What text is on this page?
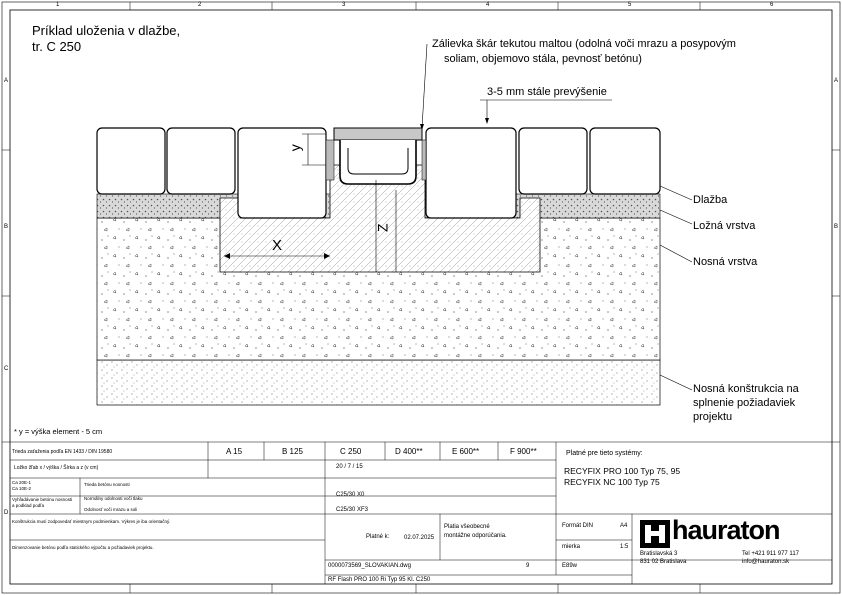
1	2	3	4	5	6
A
B
C
D
A
B
Príklad uloženia v dlažbe,
tr. C 250	Zálievka škár tekutou maltou (odolná voči mrazu a posypovým
soliam, objemovo stála, pevnosť betónu)
3-5 mm stále prevýšenie
Dlažba
Ložná vrstva
Nosná vrstva
Nosná konštrukcia na
splnenie požiadaviek
projektu
y
X
Z
* y = výška element - 5 cm
Trieda zaťaženia podľa EN 1433 / DIN 19580	A 15	B 125	C 250	D 400**	E 600**	F 900**
Ložko žľab x / výška / Šírka a z (v cm)	20 / 7 / 15
Ca 20E-1
Ca 10E-2
Trieda betónu nosnosti
Vyhľadávanie betónu nosnosti
a podklad podľa
Normálny odolnosti voči tlaku
C25/30 X0
Odolnosť voči mrazu a soli	C25/30 XF3
Platné pre tieto systémy:
RECYFIX PRO 100 Typ 75, 95
RECYFIX NC 100 Typ 75
Konštrukcia musí zodpovedať miestnym podmienkam. Výkres je iba orientačný.
Dimenzovanie betónu podľa statického výpočtu a požiadaviek projektu.
Platné k: 02.07.2025
Platia všeobecné
montážne odporúčania.
Formát DIN	A4
mierka	1:5
0000073569_SLOVAKIAN.dwg	9	E89w
RF Flash PRO 100 Ri Typ 95 Kl. C250
hauraton
Bratislavská 3
831 02 Bratislava
Tel +421 911 977 117
info@hauraton.sk
